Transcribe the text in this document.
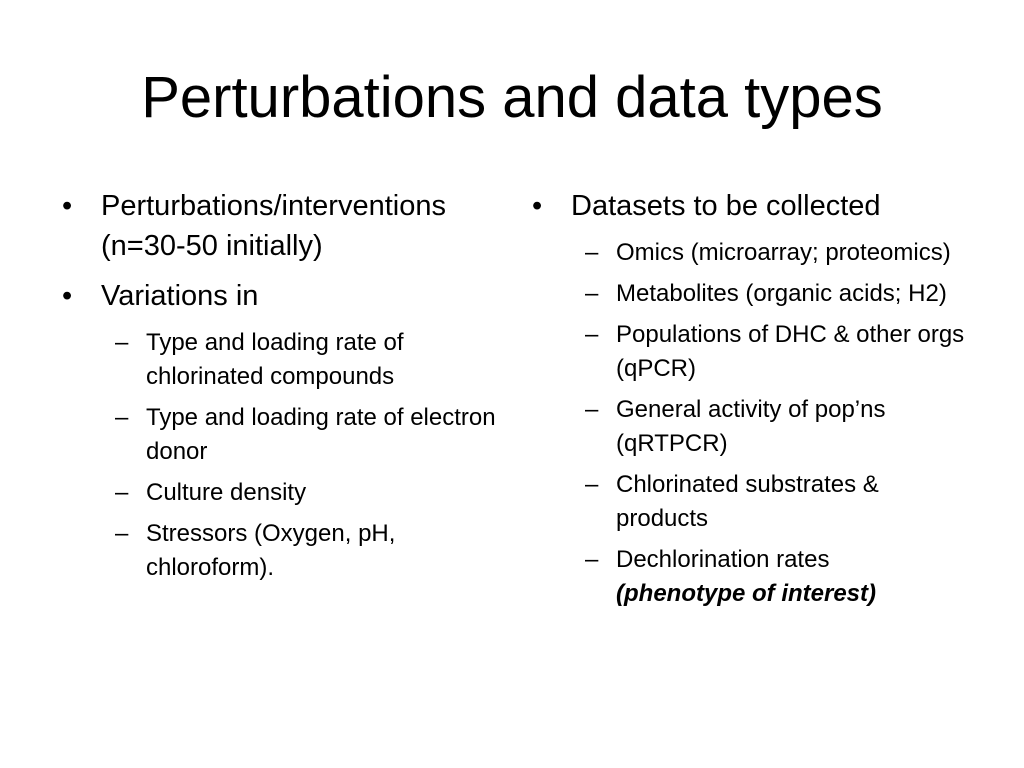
Perturbations and data types
• Perturbations/interventions (n=30-50 initially)
• Variations in
– Type and loading rate of chlorinated compounds
– Type and loading rate of electron donor
– Culture density
– Stressors (Oxygen, pH, chloroform).
• Datasets to be collected
– Omics (microarray; proteomics)
– Metabolites (organic acids; H2)
– Populations of DHC & other orgs (qPCR)
– General activity of pop’ns (qRTPCR)
– Chlorinated substrates & products
– Dechlorination rates
(phenotype of interest)
